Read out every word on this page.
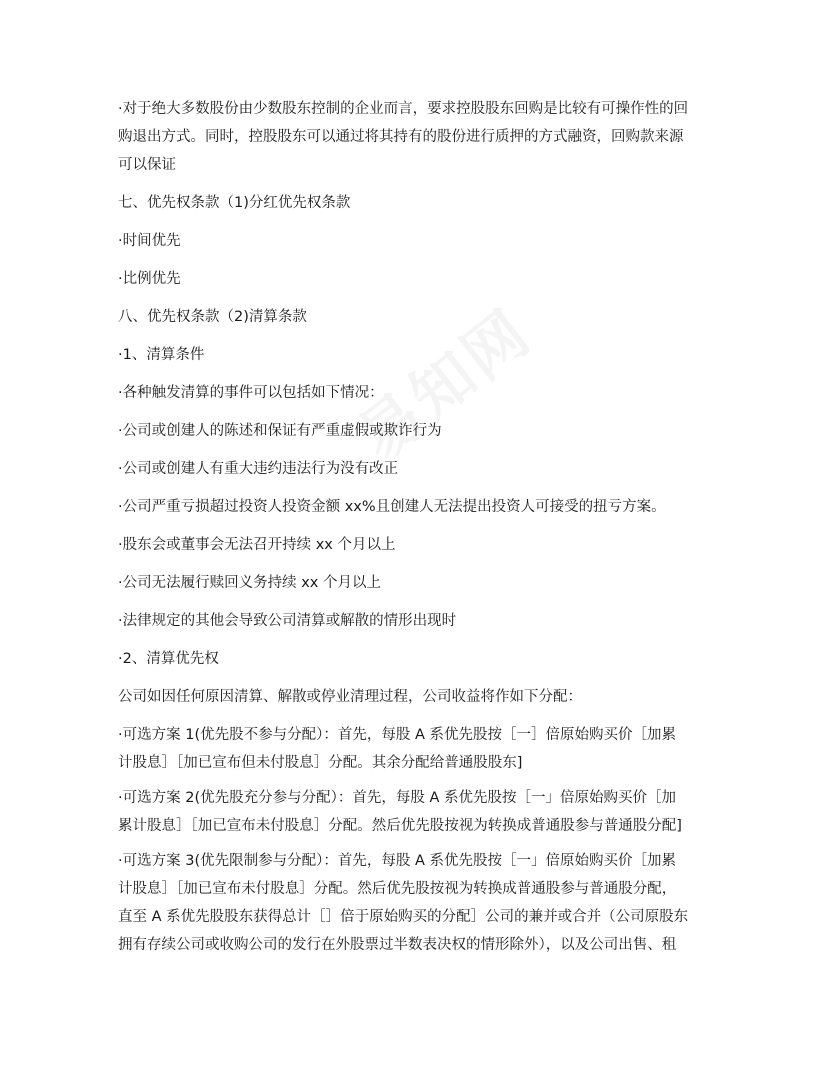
·对于绝大多数股份由少数股东控制的企业而言，要求控股股东回购是比较有可操作性的回
购退出方式。同时，控股股东可以通过将其持有的股份进行质押的方式融资，回购款来源
可以保证
七、优先权条款（1)分红优先权条款
·时间优先
·比例优先
八、优先权条款（2)清算条款
·1、清算条件
·各种触发清算的事件可以包括如下情况：
·公司或创建人的陈述和保证有严重虚假或欺诈行为
·公司或创建人有重大违约违法行为没有改正
·公司严重亏损超过投资人投资金额 xx%且创建人无法提出投资人可接受的扭亏方案。
·股东会或董事会无法召开持续 xx 个月以上
·公司无法履行赎回义务持续 xx 个月以上
·法律规定的其他会导致公司清算或解散的情形出现时
·2、清算优先权
公司如因任何原因清算、解散或停业清理过程，公司收益将作如下分配：
·可选方案 1(优先股不参与分配）：首先，每股 A 系优先股按［一］倍原始购买价［加累
计股息］［加已宣布但未付股息］分配。其余分配给普通股股东]
·可选方案 2(优先股充分参与分配）：首先，每股 A 系优先股按［一」倍原始购买价［加
累计股息］［加已宣布未付股息］分配。然后优先股按视为转换成普通股参与普通股分配]
·可选方案 3(优先限制参与分配）：首先，每股 A 系优先股按［一」倍原始购买价［加累
计股息］［加已宣布未付股息］分配。然后优先股按视为转换成普通股参与普通股分配，
直至 A 系优先股股东获得总计［］倍于原始购买的分配］公司的兼并或合并（公司原股东
拥有存续公司或收购公司的发行在外股票过半数表决权的情形除外），以及公司出售、租
